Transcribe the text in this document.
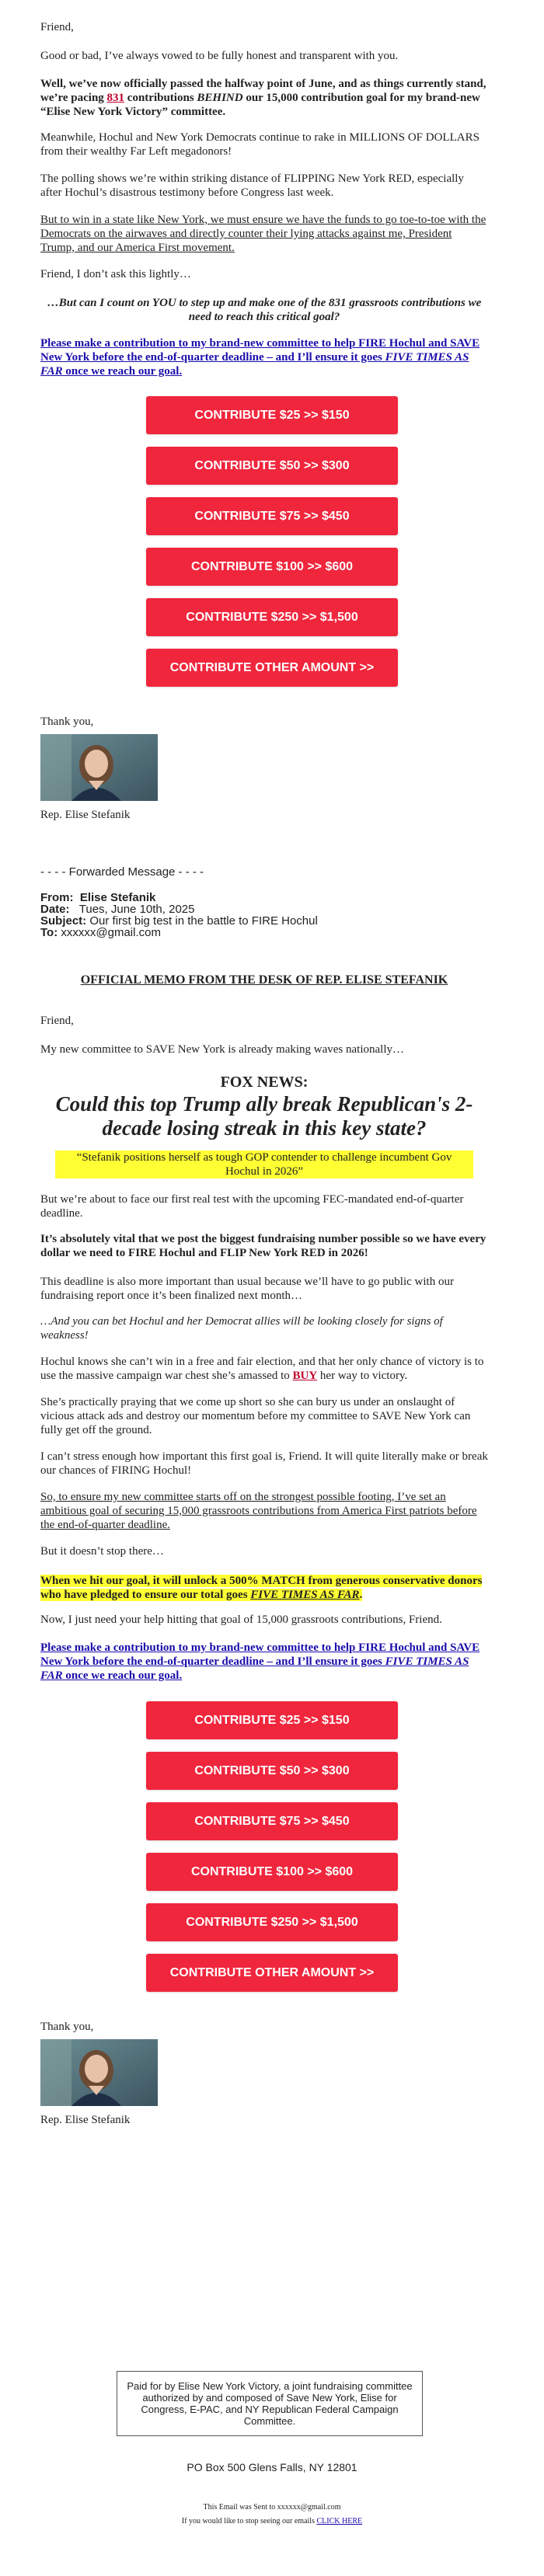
Friend,

Good or bad, I’ve always vowed to be fully honest and transparent with you.

Well, we’ve now officially passed the halfway point of June, and as things currently stand, we’re pacing 831 contributions BEHIND our 15,000 contribution goal for my brand-new “Elise New York Victory” committee.

Meanwhile, Hochul and New York Democrats continue to rake in MILLIONS OF DOLLARS from their wealthy Far Left megadonors!

The polling shows we’re within striking distance of FLIPPING New York RED, especially after Hochul’s disastrous testimony before Congress last week.

But to win in a state like New York, we must ensure we have the funds to go toe-to-toe with the Democrats on the airwaves and directly counter their lying attacks against me, President Trump, and our America First movement.

Friend, I don’t ask this lightly…

…But can I count on YOU to step up and make one of the 831 grassroots contributions we need to reach this critical goal?

Please make a contribution to my brand-new committee to help FIRE Hochul and SAVE New York before the end-of-quarter deadline – and I’ll ensure it goes FIVE TIMES AS FAR once we reach our goal.

CONTRIBUTE $25 >> $150
CONTRIBUTE $50 >> $300
CONTRIBUTE $75 >> $450
CONTRIBUTE $100 >> $600
CONTRIBUTE $250 >> $1,500
CONTRIBUTE OTHER AMOUNT >>

Thank you,

Rep. Elise Stefanik

- - - - Forwarded Message - - - -
From: Elise Stefanik
Date: Tues, June 10th, 2025
Subject: Our first big test in the battle to FIRE Hochul
To: xxxxxx@gmail.com

OFFICIAL MEMO FROM THE DESK OF REP. ELISE STEFANIK

Friend,

My new committee to SAVE New York is already making waves nationally…

FOX NEWS:

Could this top Trump ally break Republican's 2-decade losing streak in this key state?

“Stefanik positions herself as tough GOP contender to challenge incumbent Gov Hochul in 2026”

But we’re about to face our first real test with the upcoming FEC-mandated end-of-quarter deadline.

It’s absolutely vital that we post the biggest fundraising number possible so we have every dollar we need to FIRE Hochul and FLIP New York RED in 2026!

This deadline is also more important than usual because we’ll have to go public with our fundraising report once it’s been finalized next month…

…And you can bet Hochul and her Democrat allies will be looking closely for signs of weakness!

Hochul knows she can’t win in a free and fair election, and that her only chance of victory is to use the massive campaign war chest she’s amassed to BUY her way to victory.

She’s practically praying that we come up short so she can bury us under an onslaught of vicious attack ads and destroy our momentum before my committee to SAVE New York can fully get off the ground.

I can’t stress enough how important this first goal is, Friend. It will quite literally make or break our chances of FIRING Hochul!

So, to ensure my new committee starts off on the strongest possible footing, I’ve set an ambitious goal of securing 15,000 grassroots contributions from America First patriots before the end-of-quarter deadline.

But it doesn’t stop there…

When we hit our goal, it will unlock a 500% MATCH from generous conservative donors who have pledged to ensure our total goes FIVE TIMES AS FAR.

Now, I just need your help hitting that goal of 15,000 grassroots contributions, Friend.

Please make a contribution to my brand-new committee to help FIRE Hochul and SAVE New York before the end-of-quarter deadline – and I’ll ensure it goes FIVE TIMES AS FAR once we reach our goal.

CONTRIBUTE $25 >> $150
CONTRIBUTE $50 >> $300
CONTRIBUTE $75 >> $450
CONTRIBUTE $100 >> $600
CONTRIBUTE $250 >> $1,500
CONTRIBUTE OTHER AMOUNT >>

Thank you,

Rep. Elise Stefanik

Paid for by Elise New York Victory, a joint fundraising committee authorized by and composed of Save New York, Elise for Congress, E-PAC, and NY Republican Federal Campaign Committee.
PO Box 500 Glens Falls, NY 12801
This Email was Sent to xxxxxx@gmail.com
If you would like to stop seeing our emails CLICK HERE
